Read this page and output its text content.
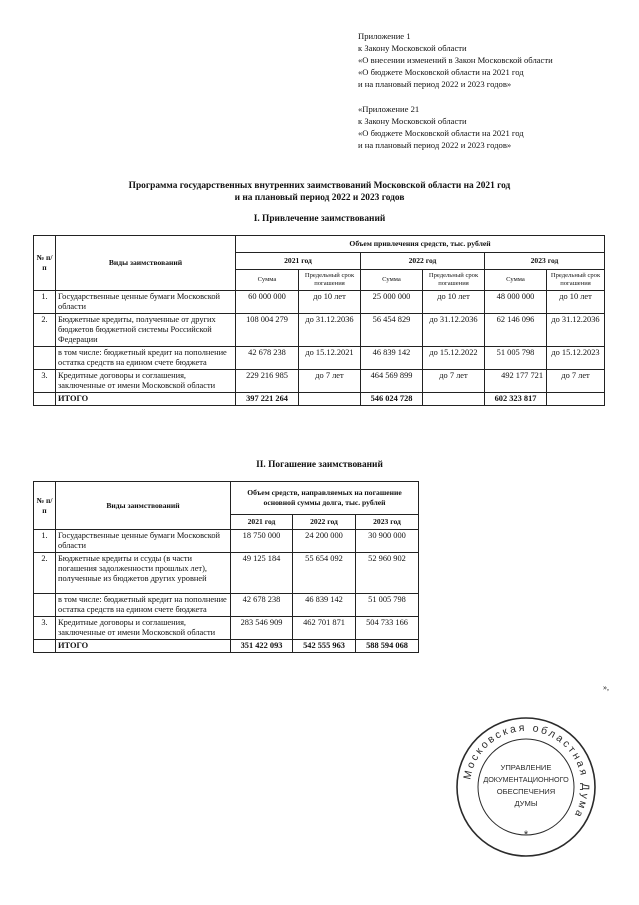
Приложение 1
к Закону Московской области
«О внесении изменений в Закон Московской области
«О бюджете Московской области на 2021 год
и на плановый период 2022 и 2023 годов»
«Приложение 21
к Закону Московской области
«О бюджете Московской области на 2021 год
и на плановый период 2022 и 2023 годов»
Программа государственных внутренних заимствований Московской области на 2021 год
и на плановый период 2022 и 2023 годов
I. Привлечение заимствований
№ п/п	Виды заимствований	Объем привлечения средств, тыс. рублей					
		2021 год		2022 год		2023 год	
		Сумма	Предельный срок погашения	Сумма	Предельный срок погашения	Сумма	Предельный срок погашения
1.	Государственные ценные бумаги Московской области	60 000 000	до 10 лет	25 000 000	до 10 лет	48 000 000	до 10 лет
2.	Бюджетные кредиты, полученные от других бюджетов бюджетной системы Российской Федерации	108 004 279	до 31.12.2036	56 454 829	до 31.12.2036	62 146 096	до 31.12.2036
	в том числе: бюджетный кредит на пополнение остатка средств на едином счете бюджета	42 678 238	до 15.12.2021	46 839 142	до 15.12.2022	51 005 798	до 15.12.2023
3.	Кредитные договоры и соглашения, заключенные от имени Московской области	229 216 985	до 7 лет	464 569 899	до 7 лет	492 177 721	до 7 лет
	ИТОГО	397 221 264		546 024 728		602 323 817	
II. Погашение заимствований
№ п/п	Виды заимствований	Объем средств, направляемых на погашение основной суммы долга, тыс. рублей		
		2021 год	2022 год	2023 год
1.	Государственные ценные бумаги Московской области	18 750 000	24 200 000	30 900 000
2.	Бюджетные кредиты и ссуды (в части погашения задолженности прошлых лет), полученные из бюджетов других уровней	49 125 184	55 654 092	52 960 902
	в том числе: бюджетный кредит на пополнение остатка средств на едином счете бюджета	42 678 238	46 839 142	51 005 798
3.	Кредитные договоры и соглашения, заключенные от имени Московской области	283 546 909	462 701 871	504 733 166
	ИТОГО	351 422 093	542 555 963	588 594 068
»,
Московская областная Дума
УПРАВЛЕНИЕ
ДОКУМЕНТАЦИОННОГО
ОБЕСПЕЧЕНИЯ
ДУМЫ
*
